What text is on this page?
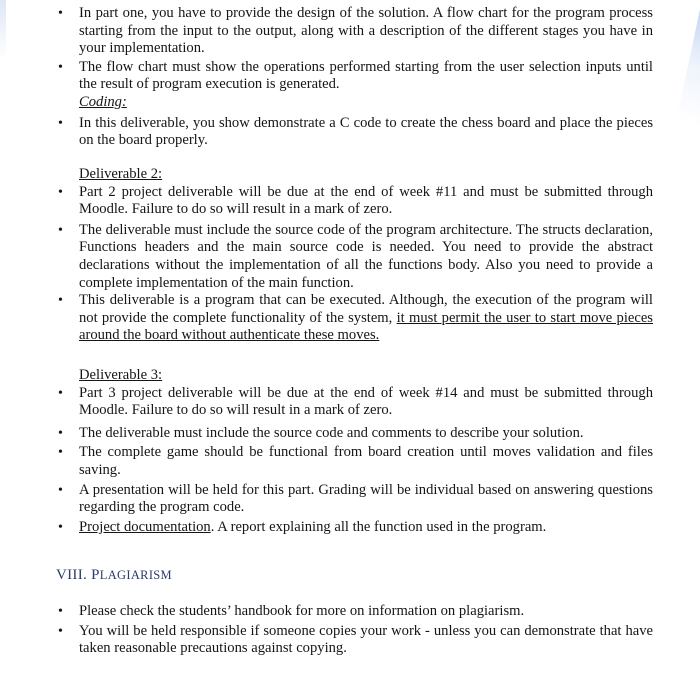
• In part one, you have to provide the design of the solution. A flow chart for the program process starting from the input to the output, along with a description of the different stages you have in your implementation.
• The flow chart must show the operations performed starting from the user selection inputs until the result of program execution is generated.
Coding:
• In this deliverable, you show demonstrate a C code to create the chess board and place the pieces on the board properly.
Deliverable 2:
• Part 2 project deliverable will be due at the end of week #11 and must be submitted through Moodle. Failure to do so will result in a mark of zero.
• The deliverable must include the source code of the program architecture. The structs declaration, Functions headers and the main source code is needed. You need to provide the abstract declarations without the implementation of all the functions body. Also you need to provide a complete implementation of the main function.
• This deliverable is a program that can be executed. Although, the execution of the program will not provide the complete functionality of the system, it must permit the user to start move pieces around the board without authenticate these moves.
Deliverable 3:
• Part 3 project deliverable will be due at the end of week #14 and must be submitted through Moodle. Failure to do so will result in a mark of zero.
• The deliverable must include the source code and comments to describe your solution.
• The complete game should be functional from board creation until moves validation and files saving.
• A presentation will be held for this part. Grading will be individual based on answering questions regarding the program code.
• Project documentation. A report explaining all the function used in the program.
VIII. PLAGIARISM
• Please check the students’ handbook for more on information on plagiarism.
• You will be held responsible if someone copies your work - unless you can demonstrate that have taken reasonable precautions against copying.
